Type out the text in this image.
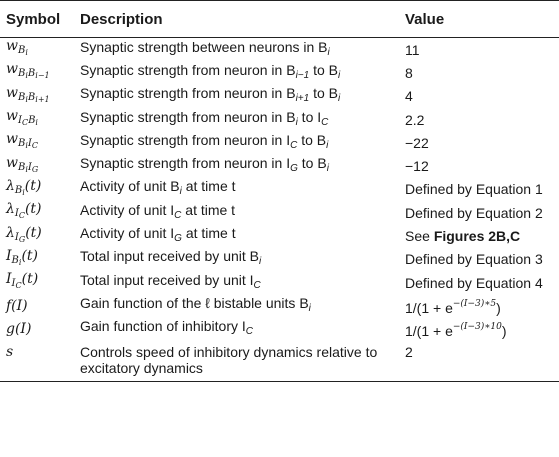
Symbol	Description	Value
$w_{B_i}$	Synaptic strength between neurons in $B_i$	11
$w_{B_iB_{i-1}}$	Synaptic strength from neuron in $B_{i-1}$ to $B_i$	8
$w_{B_iB_{i+1}}$	Synaptic strength from neuron in $B_{i+1}$ to $B_i$	4
$w_{I_CB_i}$	Synaptic strength from neuron in $B_i$ to $I_C$	2.2
$w_{B_iI_C}$	Synaptic strength from neuron in $I_C$ to $B_i$	−22
$w_{B_iI_G}$	Synaptic strength from neuron in $I_G$ to $B_i$	−12
$\lambda_{B_i}(t)$	Activity of unit $B_i$ at time t	Defined by Equation 1
$\lambda_{I_C}(t)$	Activity of unit $I_C$ at time t	Defined by Equation 2
$\lambda_{I_G}(t)$	Activity of unit $I_G$ at time t	See Figures 2B,C
$I_{B_i}(t)$	Total input received by unit $B_i$	Defined by Equation 3
$I_{I_C}(t)$	Total input received by unit $I_C$	Defined by Equation 4
f(I)	Gain function of the ℓ bistable units $B_i$	$1/(1 + e^{-(I-3)∗5})$
g(I)	Gain function of inhibitory $I_C$	$1/(1 + e^{-(I-3)∗10})$
s	Controls speed of inhibitory dynamics relative to excitatory dynamics	2
